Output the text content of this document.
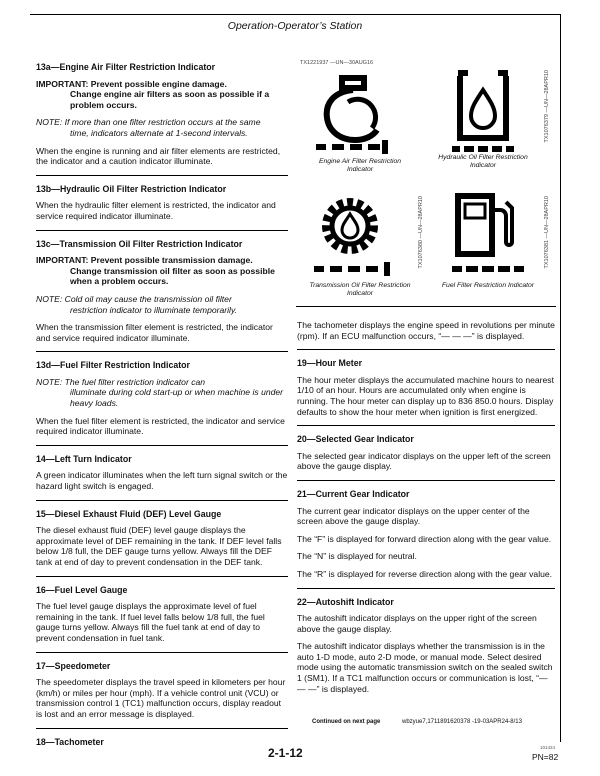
Operation-Operator’s Station
13a—Engine Air Filter Restriction Indicator
IMPORTANT: Prevent possible engine damage.
Change engine air filters as soon as possible if a problem occurs.
NOTE: If more than one filter restriction occurs at the same
time, indicators alternate at 1-second intervals.

When the engine is running and air filter elements are restricted, the indicator and a caution indicator illuminate.

13b—Hydraulic Oil Filter Restriction Indicator

When the hydraulic filter element is restricted, the indicator and service required indicator illuminate.

13c—Transmission Oil Filter Restriction Indicator
IMPORTANT: Prevent possible transmission damage.
Change transmission oil filter as soon as possible when a problem occurs.
NOTE: Cold oil may cause the transmission oil filter
restriction indicator to illuminate temporarily.

When the transmission filter element is restricted, the indicator and service required indicator illuminate.

13d—Fuel Filter Restriction Indicator
NOTE: The fuel filter restriction indicator can
illuminate during cold start-up or when machine is under heavy loads.

When the fuel filter element is restricted, the indicator and service required indicator illuminate.

14—Left Turn Indicator

A green indicator illuminates when the left turn signal switch or the hazard light switch is engaged.

15—Diesel Exhaust Fluid (DEF) Level Gauge

The diesel exhaust fluid (DEF) level gauge displays the approximate level of DEF remaining in the tank. If DEF level falls below 1/8 full, the DEF gauge turns yellow. Always fill the DEF tank at end of day to prevent condensation in the DEF tank.

16—Fuel Level Gauge

The fuel level gauge displays the approximate level of fuel remaining in the tank. If fuel level falls below 1/8 full, the fuel gauge turns yellow. Always fill the fuel tank at end of day to prevent condensation in fuel tank.

17—Speedometer

The speedometer displays the travel speed in kilometers per hour (km/h) or miles per hour (mph). If a vehicle control unit (VCU) or transmission control 1 (TC1) malfunction occurs, display readout is lost and an error message is displayed.

18—Tachometer

The tachometer displays the engine speed in revolutions per minute (rpm). If an ECU malfunction occurs, “— — —” is displayed.

19—Hour Meter

The hour meter displays the accumulated machine hours to nearest 1/10 of an hour. Hours are accumulated only when engine is running. The hour meter can display up to 836 850.0 hours. Display defaults to show the hour meter when ignition is first energized.

20—Selected Gear Indicator

The selected gear indicator displays on the upper left of the screen above the gauge display.

21—Current Gear Indicator

The current gear indicator displays on the upper center of the screen above the gauge display.

The “F” is displayed for forward direction along with the gear value.

The “N” is displayed for neutral.

The “R” is displayed for reverse direction along with the gear value.

22—Autoshift Indicator

The autoshift indicator displays on the upper right of the screen above the gauge display.

The autoshift indicator displays whether the transmission is in the auto 1-D mode, auto 2-D mode, or manual mode. Select desired mode using the automatic transmission switch on the sealed switch 1 (SM1). If a TC1 malfunction occurs or communication is lost, “— — —” is displayed.

TX1221937 —UN—30AUG16
Engine Air Filter Restriction Indicator
Hydraulic Oil Filter Restriction Indicator
TX1076379 —UN—28APR10
Transmission Oil Filter Restriction Indicator
TX1076380 —UN—28APR10
Fuel Filter Restriction Indicator
TX1076381 —UN—28APR10
Continued on next page	wbzyue7,1711891620378 -19-03APR24-8/13
2-1-12	101424
PN=82
